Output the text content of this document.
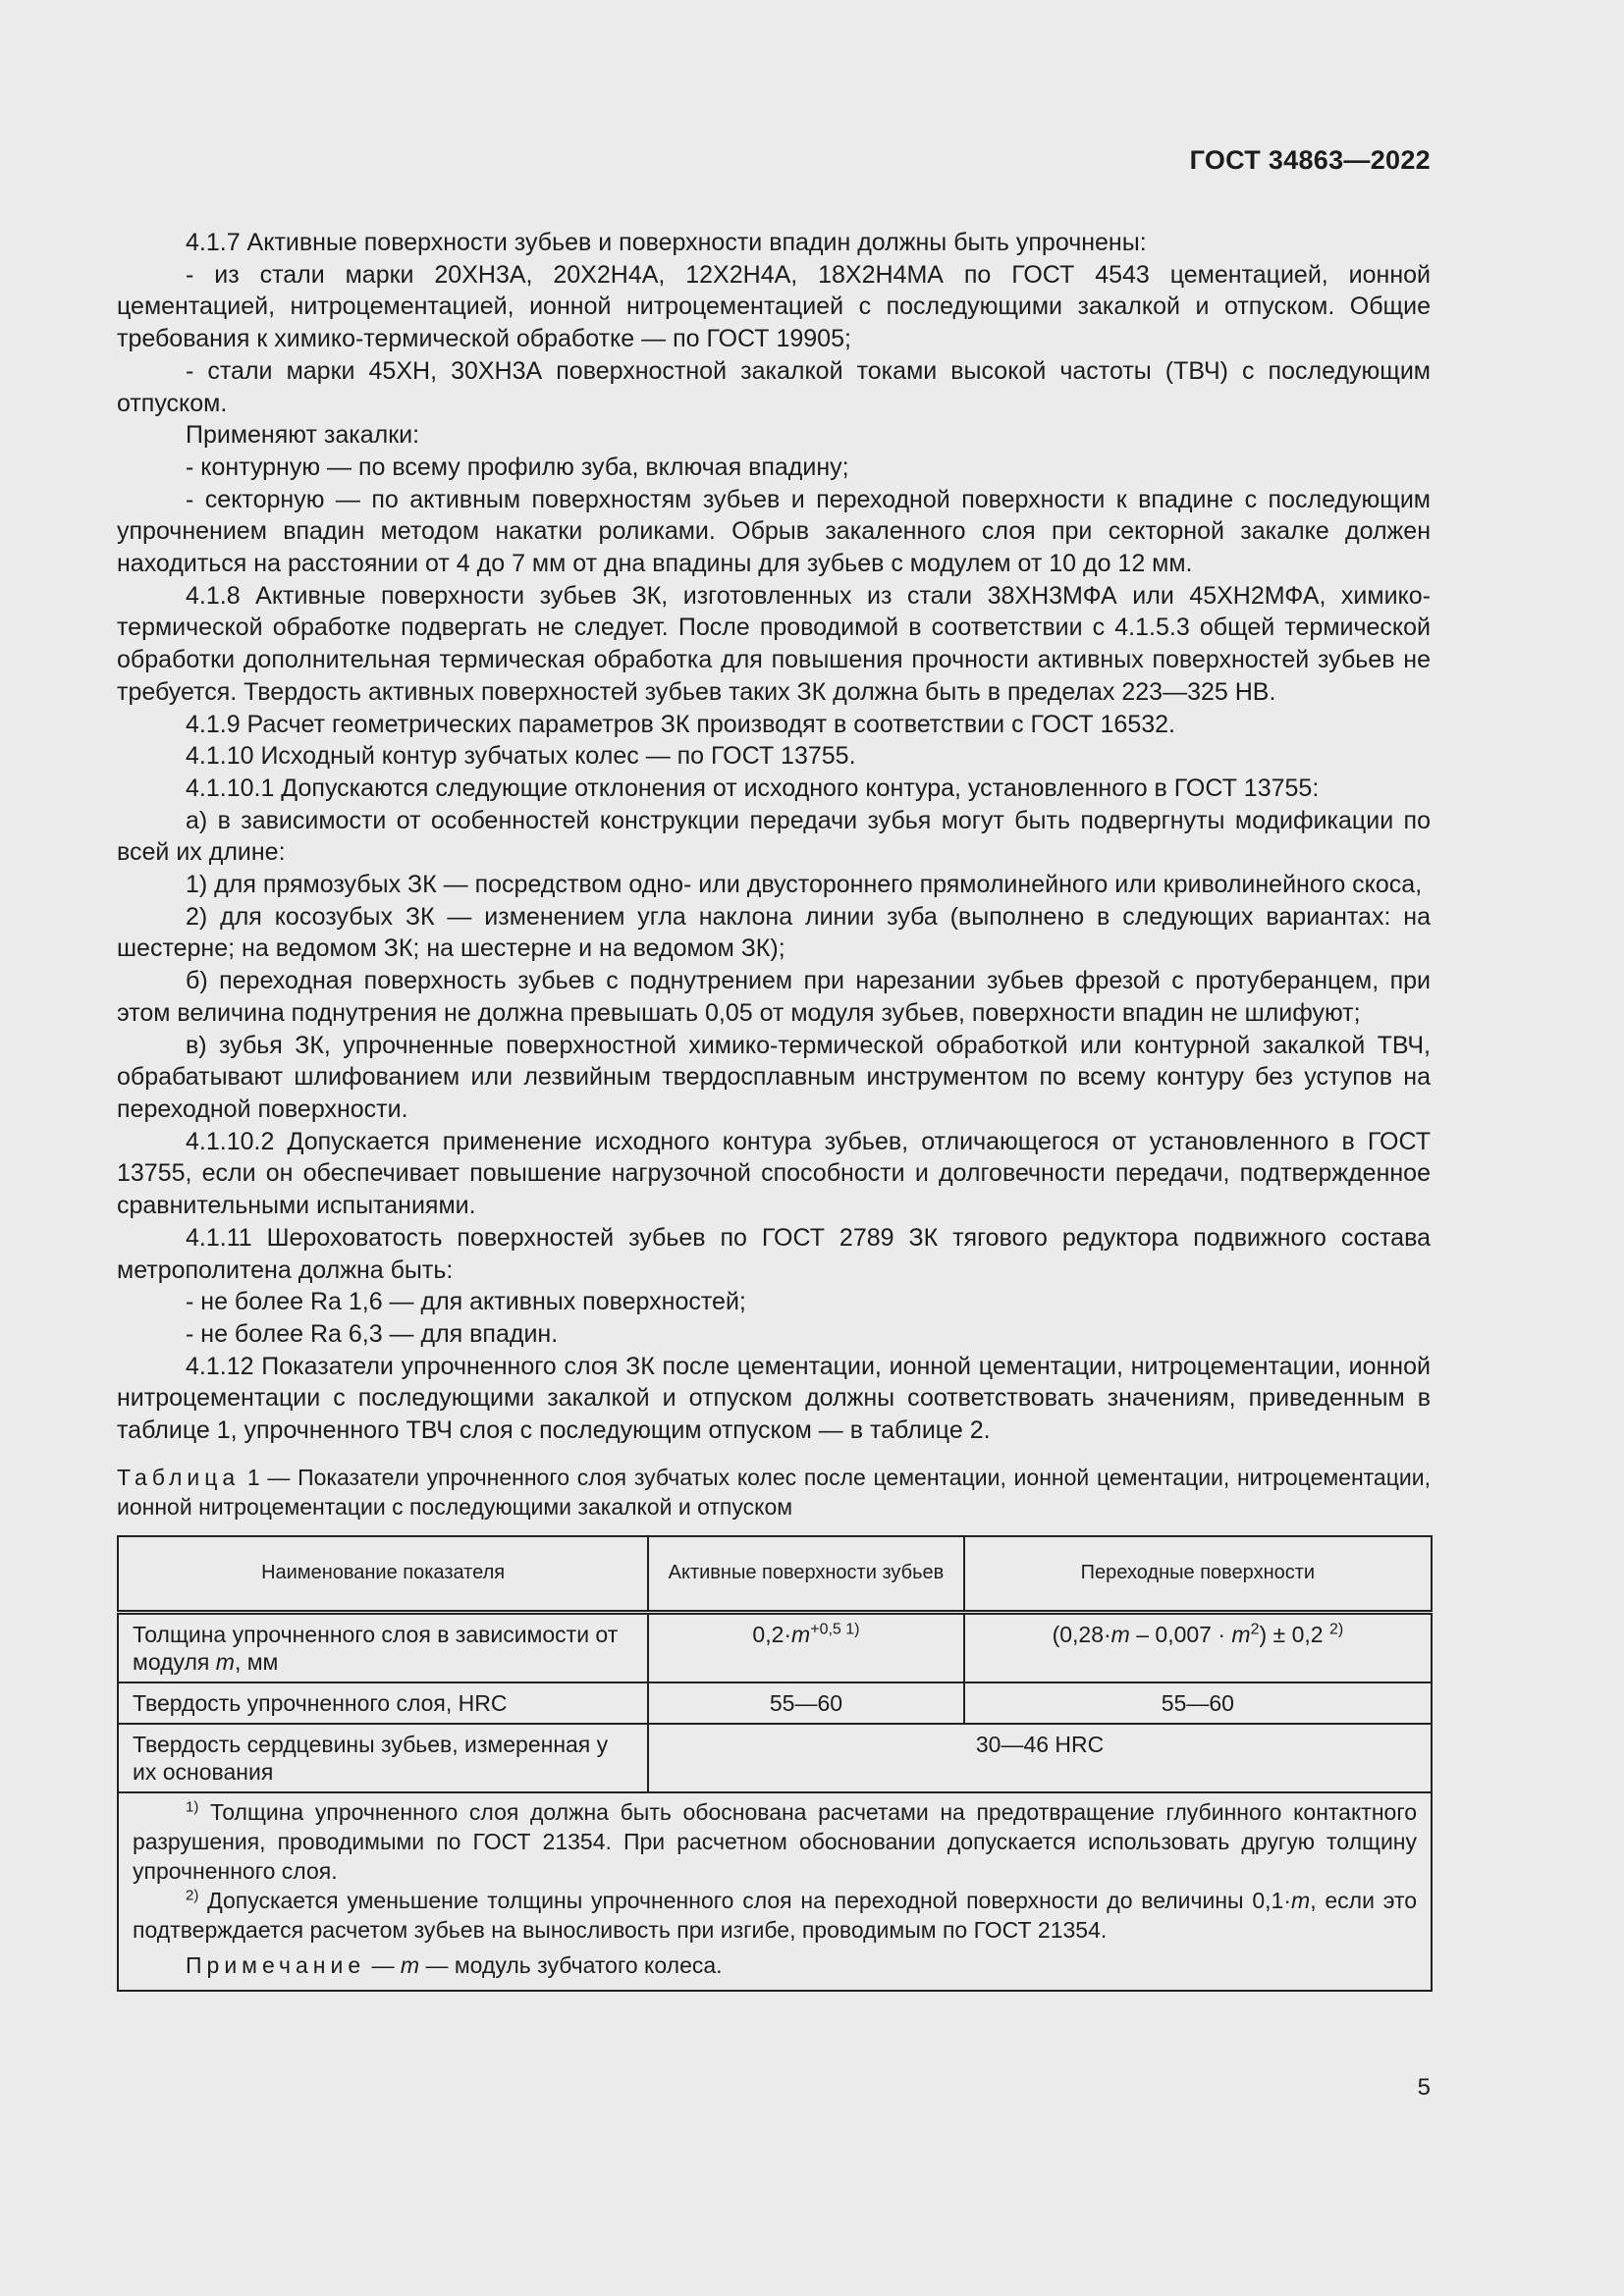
ГОСТ 34863—2022

4.1.7 Активные поверхности зубьев и поверхности впадин должны быть упрочнены:

- из стали марки 20ХН3А, 20Х2Н4А, 12Х2Н4А, 18Х2Н4МА по ГОСТ 4543 цементацией, ионной цементацией, нитроцементацией, ионной нитроцементацией с последующими закалкой и отпуском. Общие требования к химико-термической обработке — по ГОСТ 19905;

- стали марки 45ХН, 30ХН3А поверхностной закалкой токами высокой частоты (ТВЧ) с последующим отпуском.

Применяют закалки:

- контурную — по всему профилю зуба, включая впадину;

- секторную — по активным поверхностям зубьев и переходной поверхности к впадине с последующим упрочнением впадин методом накатки роликами. Обрыв закаленного слоя при секторной закалке должен находиться на расстоянии от 4 до 7 мм от дна впадины для зубьев с модулем от 10 до 12 мм.

4.1.8 Активные поверхности зубьев ЗК, изготовленных из стали 38ХН3МФА или 45ХН2МФА, химико-термической обработке подвергать не следует. После проводимой в соответствии с 4.1.5.3 общей термической обработки дополнительная термическая обработка для повышения прочности активных поверхностей зубьев не требуется. Твердость активных поверхностей зубьев таких ЗК должна быть в пределах 223—325 НВ.

4.1.9 Расчет геометрических параметров ЗК производят в соответствии с ГОСТ 16532.

4.1.10 Исходный контур зубчатых колес — по ГОСТ 13755.

4.1.10.1 Допускаются следующие отклонения от исходного контура, установленного в ГОСТ 13755:

а) в зависимости от особенностей конструкции передачи зубья могут быть подвергнуты модификации по всей их длине:

1) для прямозубых ЗК — посредством одно- или двустороннего прямолинейного или криволинейного скоса,

2) для косозубых ЗК — изменением угла наклона линии зуба (выполнено в следующих вариантах: на шестерне; на ведомом ЗК; на шестерне и на ведомом ЗК);

б) переходная поверхность зубьев с поднутрением при нарезании зубьев фрезой с протуберанцем, при этом величина поднутрения не должна превышать 0,05 от модуля зубьев, поверхности впадин не шлифуют;

в) зубья ЗК, упрочненные поверхностной химико-термической обработкой или контурной закалкой ТВЧ, обрабатывают шлифованием или лезвийным твердосплавным инструментом по всему контуру без уступов на переходной поверхности.

4.1.10.2 Допускается применение исходного контура зубьев, отличающегося от установленного в ГОСТ 13755, если он обеспечивает повышение нагрузочной способности и долговечности передачи, подтвержденное сравнительными испытаниями.

4.1.11 Шероховатость поверхностей зубьев по ГОСТ 2789 ЗК тягового редуктора подвижного состава метрополитена должна быть:

- не более Ra 1,6 — для активных поверхностей;

- не более Ra 6,3 — для впадин.

4.1.12 Показатели упрочненного слоя ЗК после цементации, ионной цементации, нитроцементации, ионной нитроцементации с последующими закалкой и отпуском должны соответствовать значениям, приведенным в таблице 1, упрочненного ТВЧ слоя с последующим отпуском — в таблице 2.

Таблица 1 — Показатели упрочненного слоя зубчатых колес после цементации, ионной цементации, нитроцементации, ионной нитроцементации с последующими закалкой и отпуском
Наименование показателя	Активные поверхности зубьев	Переходные поверхности
Толщина упрочненного слоя в зависимости от модуля m, мм	$0,2\cdot m^{+0,5 1)}$	$(0,28\cdot m - 0,007 \cdot m^2) \pm 0,2$ $^{2)}$
Твердость упрочненного слоя, HRC	55—60	55—60
Твердость сердцевины зубьев, измеренная у их основания	30—46 HRC	

$^{1)}$ Толщина упрочненного слоя должна быть обоснована расчетами на предотвращение глубинного контактного разрушения, проводимыми по ГОСТ 21354. При расчетном обосновании допускается использовать другую толщину упрочненного слоя.

$^{2)}$ Допускается уменьшение толщины упрочненного слоя на переходной поверхности до величины 0,1·m, если это подтверждается расчетом зубьев на выносливость при изгибе, проводимым по ГОСТ 21354.

Примечание — m — модуль зубчатого колеса.		

5
